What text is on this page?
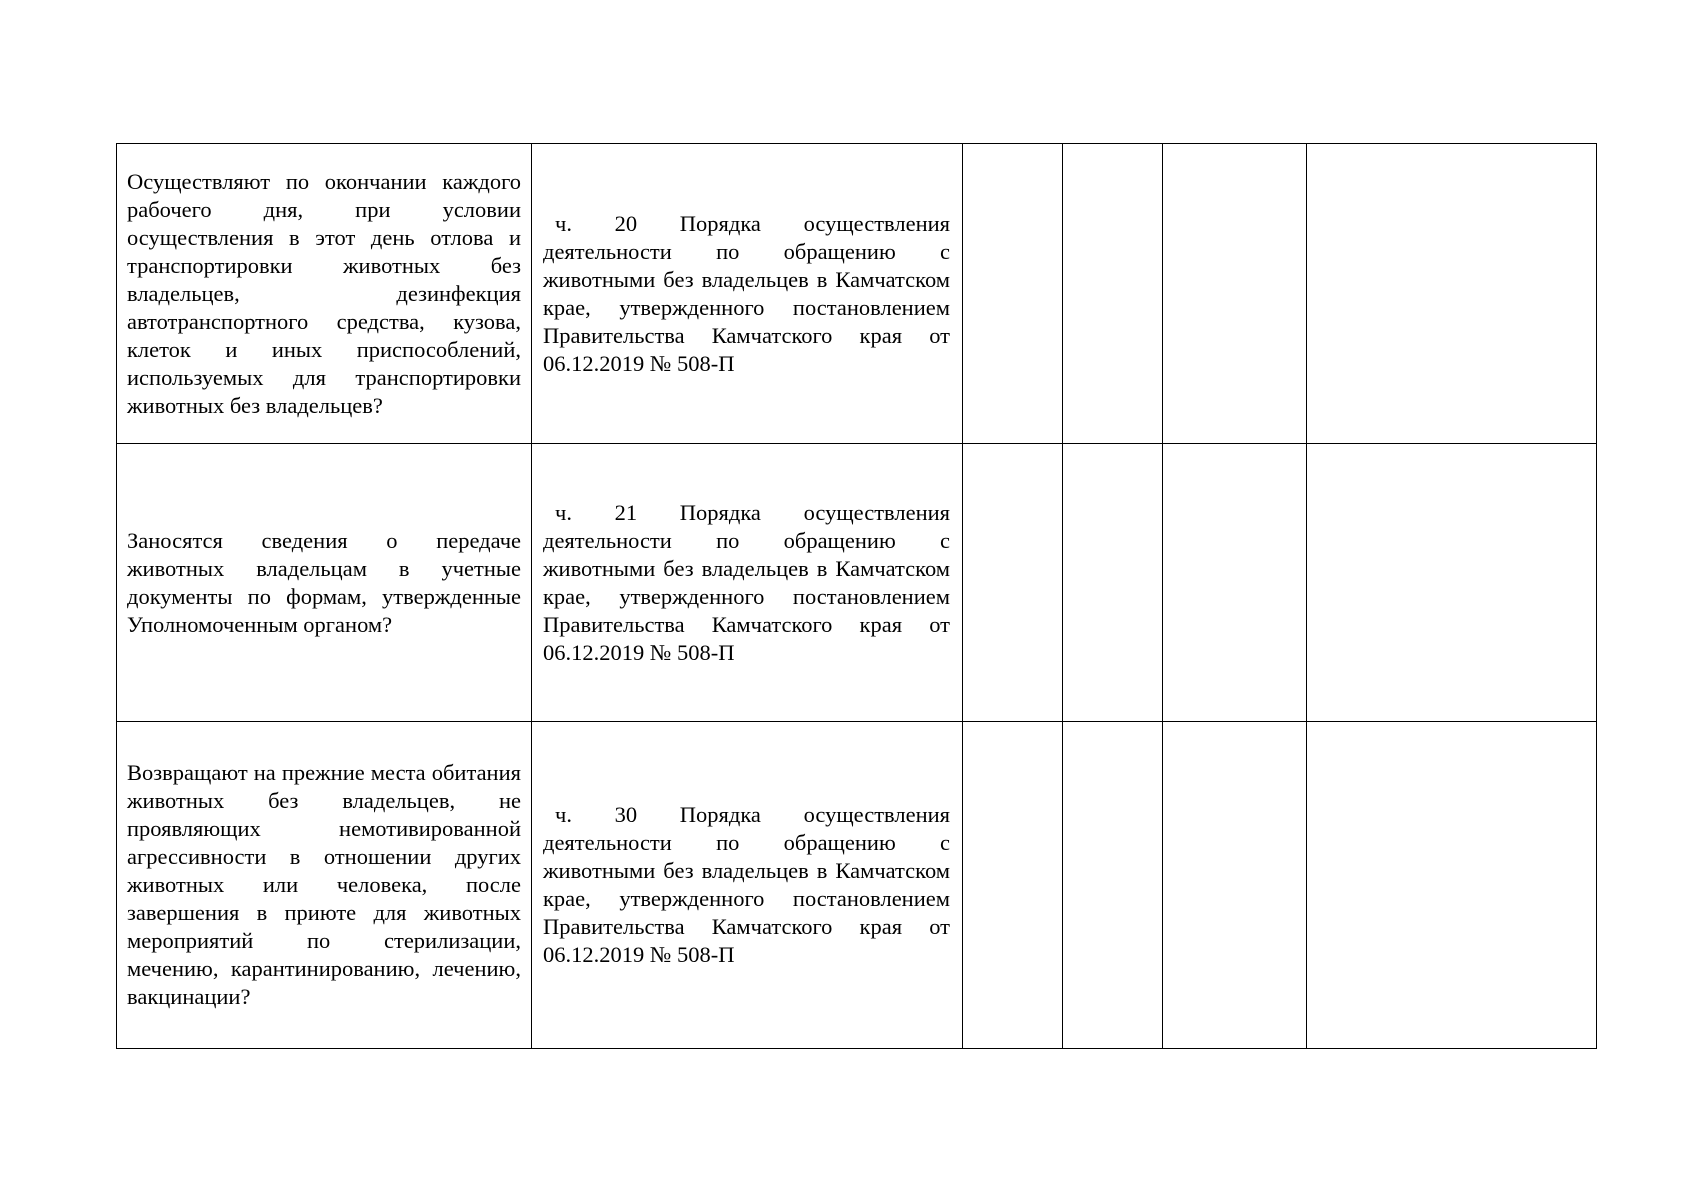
Осуществляют по окончании каждого рабочего дня, при условии осуществления в этот день отлова и транспортировки животных без владельцев, дезинфекция автотранспортного средства, кузова, клеток и иных приспособлений, используемых для транспортировки животных без владельцев?	ч. 20 Порядка осуществления деятельности по обращению с животными без владельцев в Камчатском крае, утвержденного постановлением Правительства Камчатского края от 06.12.2019 № 508-П				

Заносятся сведения о передаче животных владельцам в учетные документы по формам, утвержденные Уполномоченным органом?	ч. 21 Порядка осуществления деятельности по обращению с животными без владельцев в Камчатском крае, утвержденного постановлением Правительства Камчатского края от 06.12.2019 № 508-П				

Возвращают на прежние места обитания животных без владельцев, не проявляющих немотивированной агрессивности в отношении других животных или человека, после завершения в приюте для животных мероприятий по стерилизации, мечению, карантинированию, лечению, вакцинации?	ч. 30 Порядка осуществления деятельности по обращению с животными без владельцев в Камчатском крае, утвержденного постановлением Правительства Камчатского края от 06.12.2019 № 508-П				
